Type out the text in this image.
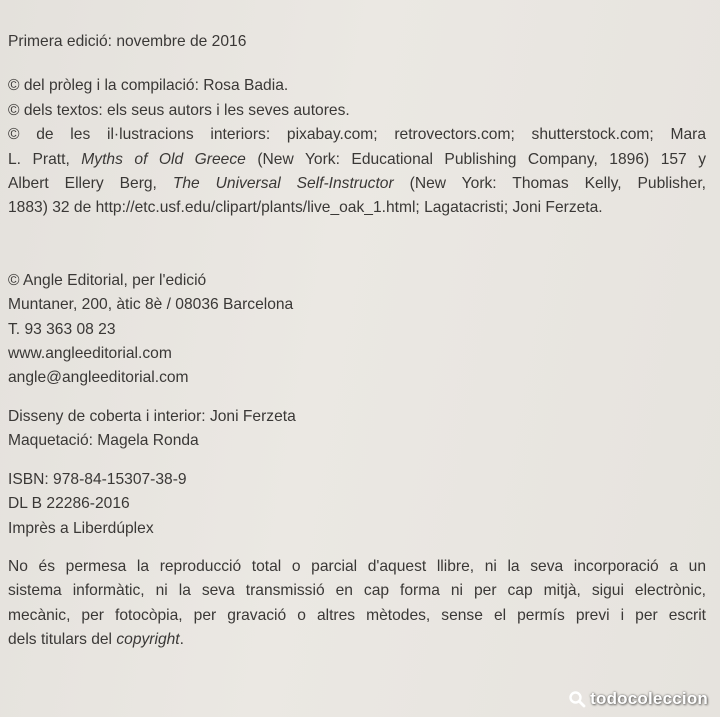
Primera edició: novembre de 2016
© del pròleg i la compilació: Rosa Badia.
© dels textos: els seus autors i les seves autores.
© de les il·lustracions interiors: pixabay.com; retrovectors.com; shutterstock.com; Mara
L. Pratt, Myths of Old Greece (New York: Educational Publishing Company, 1896) 157 y
Albert Ellery Berg, The Universal Self-Instructor (New York: Thomas Kelly, Publisher,
1883) 32 de http://etc.usf.edu/clipart/plants/live_oak_1.html; Lagatacristi; Joni Ferzeta.
© Angle Editorial, per l'edició
Muntaner, 200, àtic 8è / 08036 Barcelona
T. 93 363 08 23
www.angleeditorial.com
angle@angleeditorial.com
Disseny de coberta i interior: Joni Ferzeta
Maquetació: Magela Ronda
ISBN: 978-84-15307-38-9
DL B 22286-2016
Imprès a Liberdúplex
No és permesa la reproducció total o parcial d'aquest llibre, ni la seva incorporació a un
sistema informàtic, ni la seva transmissió en cap forma ni per cap mitjà, sigui electrònic,
mecànic, per fotocòpia, per gravació o altres mètodes, sense el permís previ i per escrit
dels titulars del copyright.
todocoleccion
